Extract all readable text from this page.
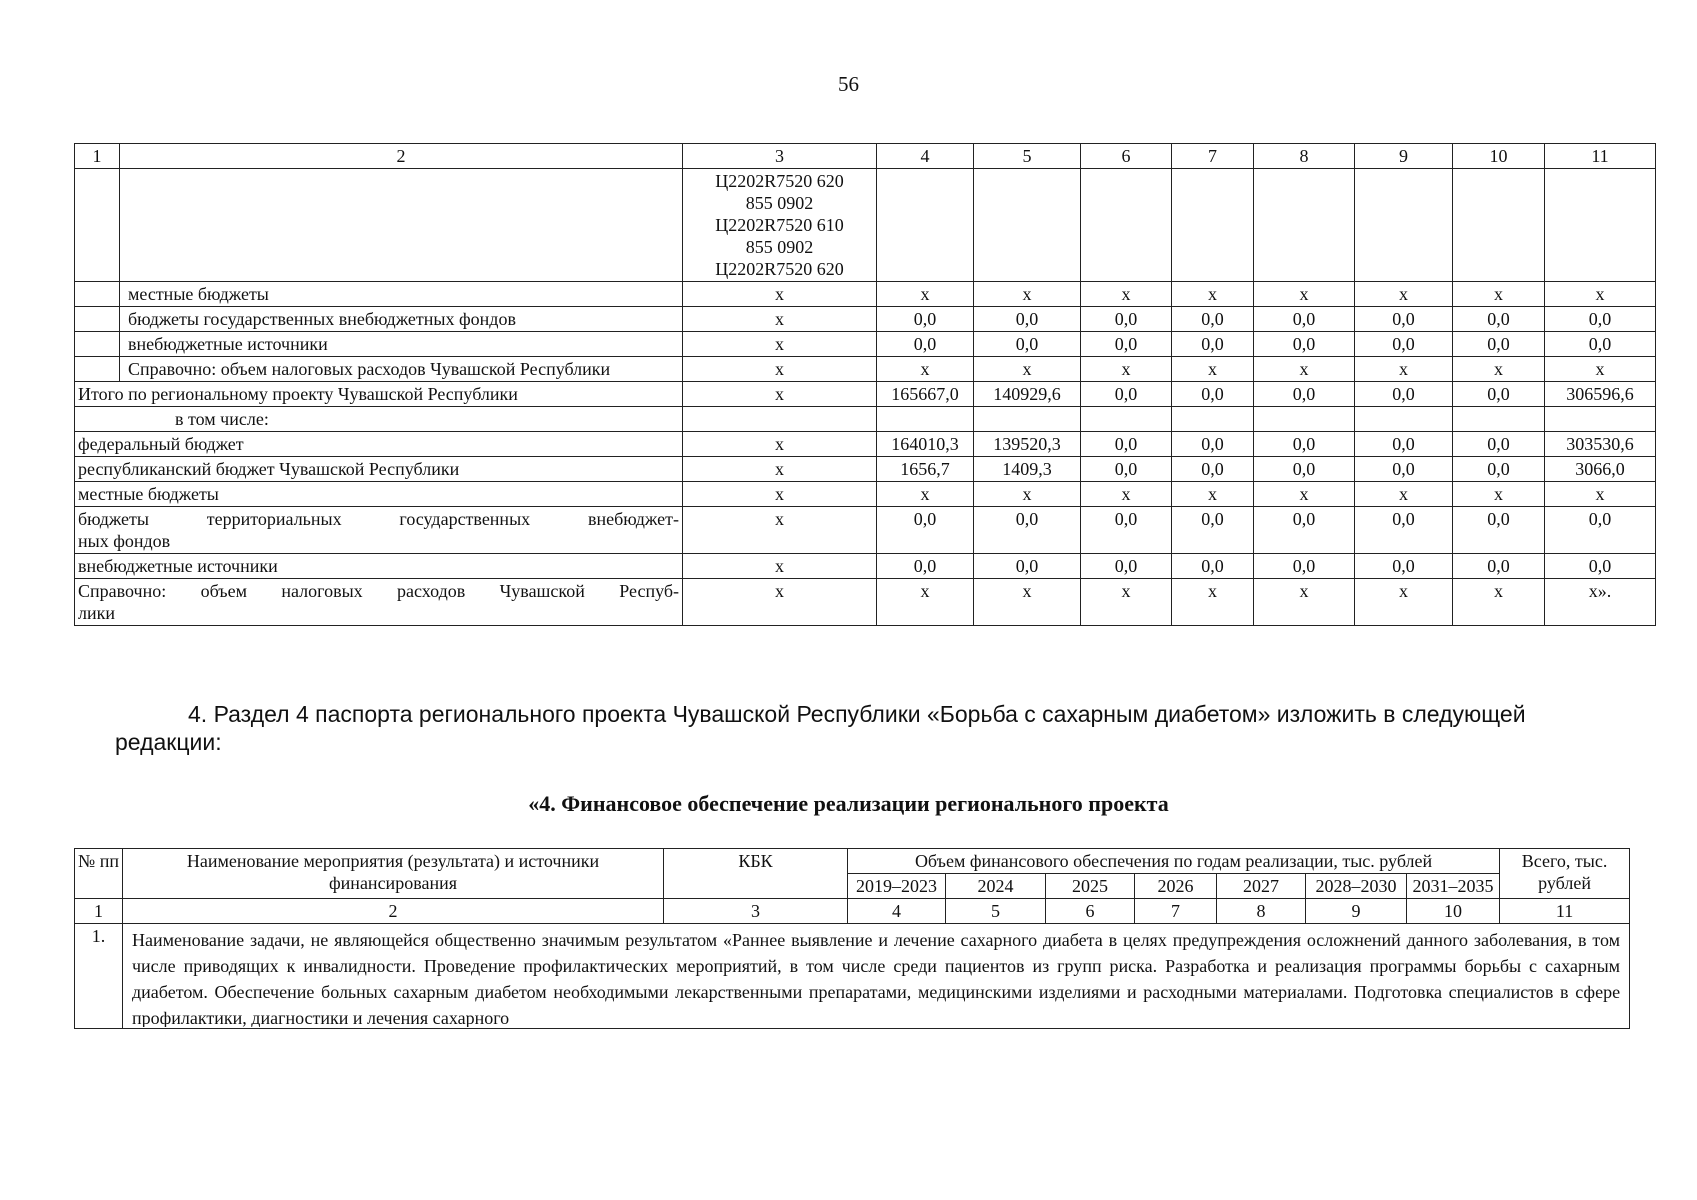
56
1	2	3	4	5	6	7	8	9	10	11

		Ц2202R7520 620
855 0902
Ц2202R7520 610
855 0902
Ц2202R7520 620								

	местные бюджеты	x	x	x	x	x	x	x	x	x
	бюджеты государственных внебюджетных фондов	x	0,0	0,0	0,0	0,0	0,0	0,0	0,0	0,0
	внебюджетные источники	x	0,0	0,0	0,0	0,0	0,0	0,0	0,0	0,0
	Справочно: объем налоговых расходов Чувашской Республики	x	x	x	x	x	x	x	x	x
Итого по региональному проекту Чувашской Республики		x	165667,0	140929,6	0,0	0,0	0,0	0,0	0,0	306596,6
в том числе:										
федеральный бюджет		x	164010,3	139520,3	0,0	0,0	0,0	0,0	0,0	303530,6
республиканский бюджет Чувашской Республики		x	1656,7	1409,3	0,0	0,0	0,0	0,0	0,0	3066,0
местные бюджеты		x	x	x	x	x	x	x	x	x

бюджеты территориальных государственных внебюджет-
ных фондов		x	0,0	0,0	0,0	0,0	0,0	0,0	0,0	0,0
внебюджетные источники		x	0,0	0,0	0,0	0,0	0,0	0,0	0,0	0,0

Справочно: объем налоговых расходов Чувашской Респуб-
лики		x	x	x	x	x	x	x	x	x».
4. Раздел 4 паспорта регионального проекта Чувашской Республики «Борьба с сахарным диабетом» изложить в следующей редакции:
«4. Финансовое обеспечение реализации регионального проекта
№ пп	Наименование мероприятия (результата) и источники финансирования	КБК	Объем финансового обеспечения по годам реализации, тыс. рублей							Всего, тыс. рублей
			2019–2023	2024	2025	2026	2027	2028–2030	2031–2035	
1	2	3	4	5	6	7	8	9	10	11
1.	Наименование задачи, не являющейся общественно значимым результатом «Раннее выявление и лечение сахарного диабета в целях предупреждения осложнений данного заболевания, в том числе приводящих к инвалидности. Проведение профилактических мероприятий, в том числе среди пациентов из групп риска. Разработка и реализация программы борьбы с сахарным диабетом. Обеспечение больных сахарным диабетом необходимыми лекарственными препаратами, медицинскими изделиями и расходными материалами. Подготовка специалистов в сфере профилактики, диагностики и лечения сахарного									
